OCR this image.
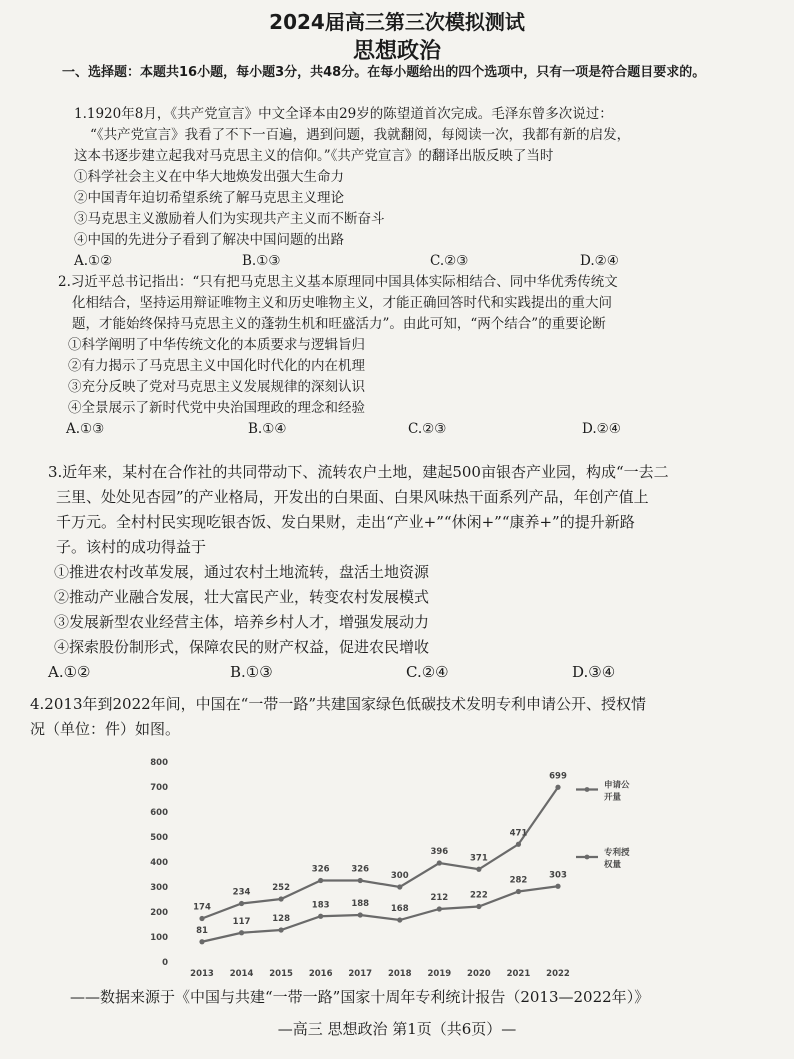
2024届高三第三次模拟测试
思想政治
一、选择题：本题共16小题，每小题3分，共48分。在每小题给出的四个选项中，只有一项是符合题目要求的。

1.1920年8月，《共产党宣言》中文全译本由29岁的陈望道首次完成。毛泽东曾多次说过：

“《共产党宣言》我看了不下一百遍，遇到问题，我就翻阅，每阅读一次，我都有新的启发，

这本书逐步建立起我对马克思主义的信仰。”《共产党宣言》的翻译出版反映了当时

①科学社会主义在中华大地焕发出强大生命力

②中国青年迫切希望系统了解马克思主义理论

③马克思主义激励着人们为实现共产主义而不断奋斗

④中国的先进分子看到了解决中国问题的出路

A.①②	B.①③	C.②③	D.②④

2.习近平总书记指出：“只有把马克思主义基本原理同中国具体实际相结合、同中华优秀传统文

化相结合，坚持运用辩证唯物主义和历史唯物主义，才能正确回答时代和实践提出的重大问

题，才能始终保持马克思主义的蓬勃生机和旺盛活力”。由此可知，“两个结合”的重要论断

①科学阐明了中华传统文化的本质要求与逻辑旨归

②有力揭示了马克思主义中国化时代化的内在机理

③充分反映了党对马克思主义发展规律的深刻认识

④全景展示了新时代党中央治国理政的理念和经验

A.①③	B.①④	C.②③	D.②④

3.近年来，某村在合作社的共同带动下、流转农户土地，建起500亩银杏产业园，构成“一去二

三里、处处见杏园”的产业格局，开发出的白果面、白果风味热干面系列产品，年创产值上

千万元。全村村民实现吃银杏饭、发白果财，走出“产业+”“休闲+”“康养+”的提升新路

子。该村的成功得益于

①推进农村改革发展，通过农村土地流转，盘活土地资源

②推动产业融合发展，壮大富民产业，转变农村发展模式

③发展新型农业经营主体，培养乡村人才，增强发展动力

④探索股份制形式，保障农民的财产权益，促进农民增收

A.①②	B.①③	C.②④	D.③④

4.2013年到2022年间，中国在“一带一路”共建国家绿色低碳技术发明专利申请公开、授权情

况（单位：件）如图。

0
100
200
300
400
500
600
700
800
2013 2014 2015 2016 2017 2018 2019 2020 2021 2022
174
234	252
326	326
300
396
371
471
699
申请公
开量
81
117	128
183	188	168
212	222
282
303
专利授
权量
——数据来源于《中国与共建“一带一路”国家十周年专利统计报告（2013—2022年）》
—高三 思想政治 第1页（共6页）—
